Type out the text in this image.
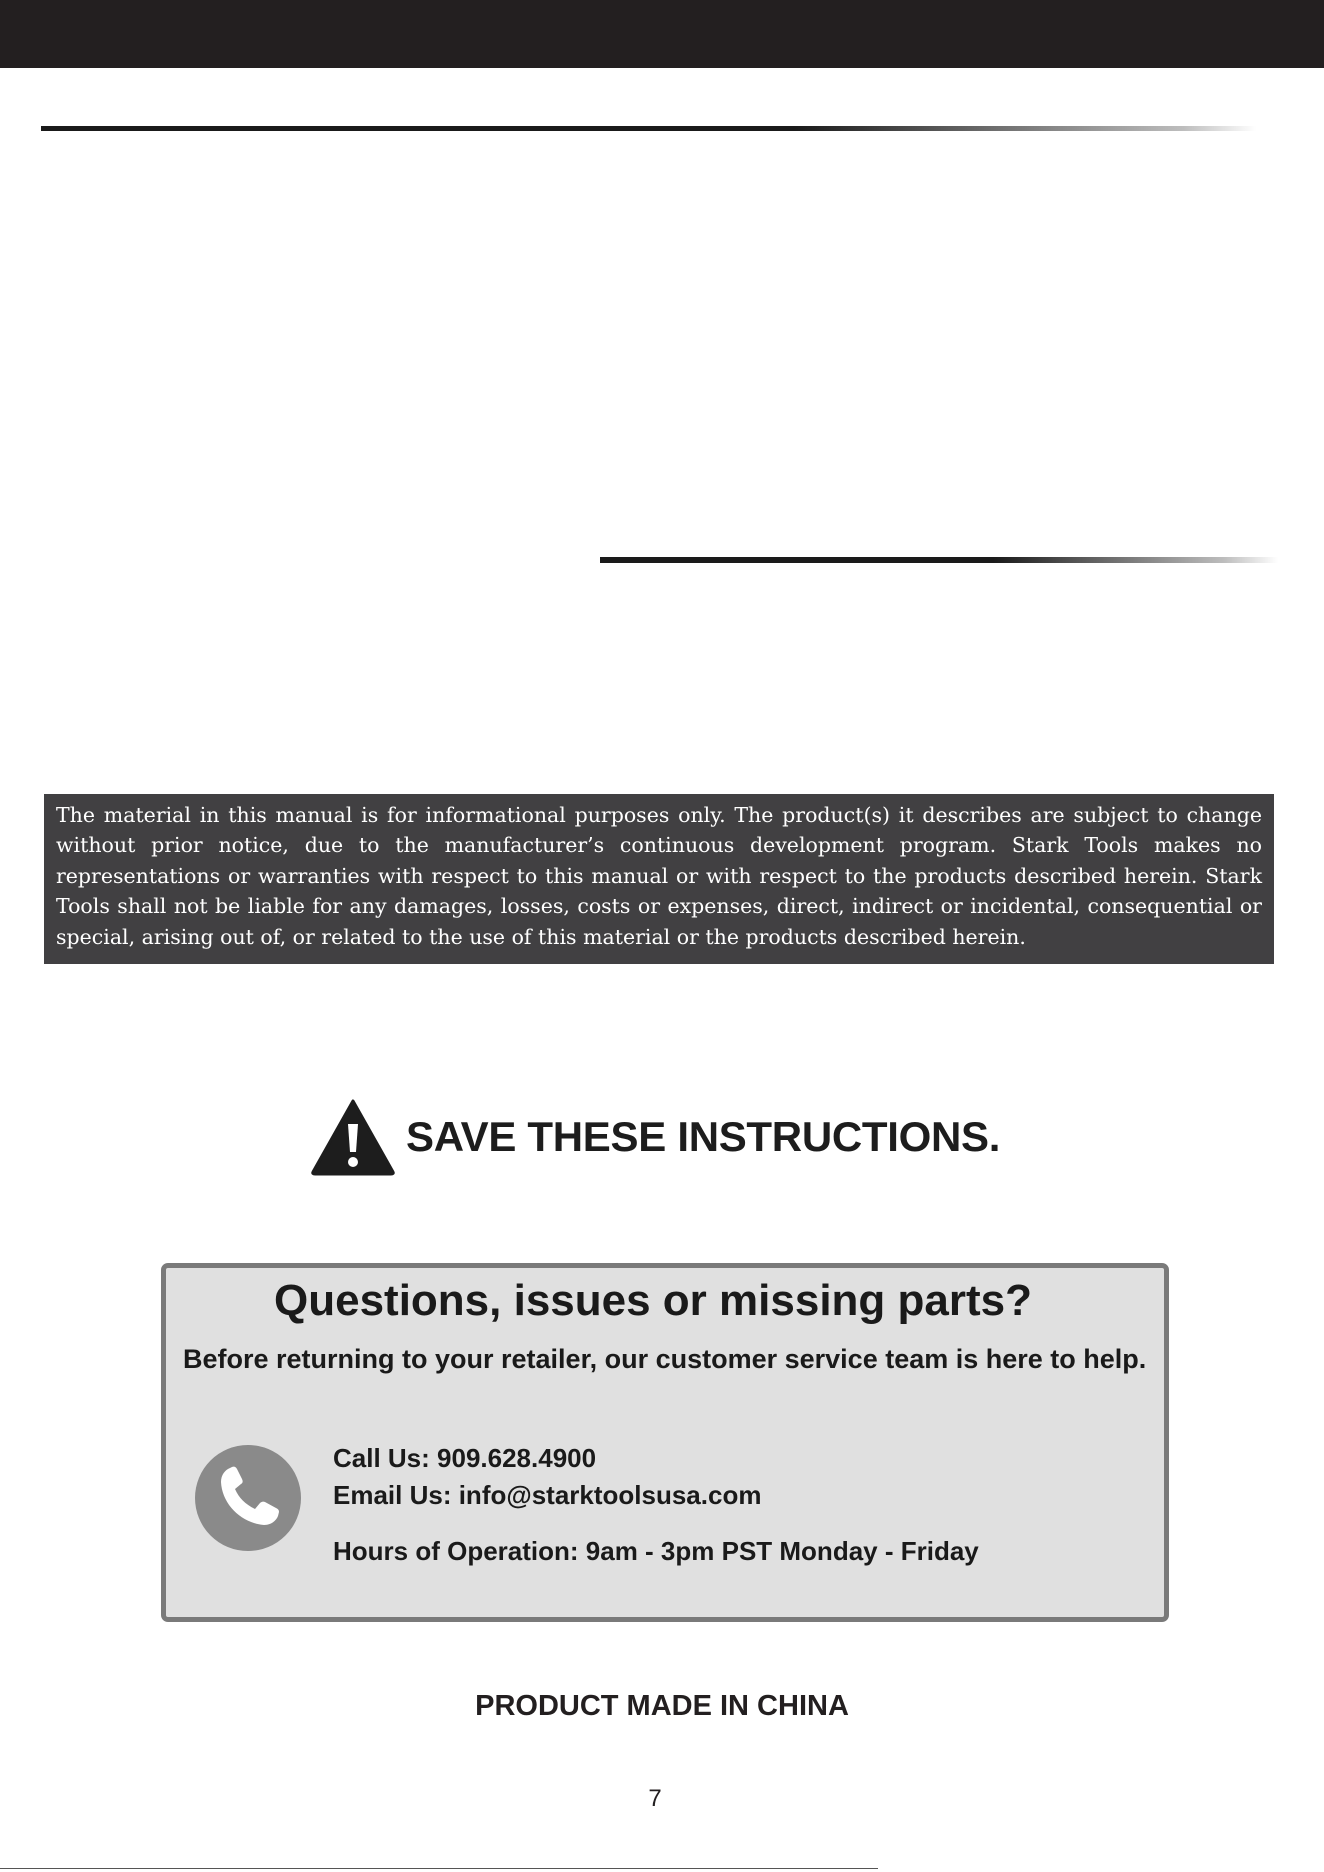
The material in this manual is for informational purposes only. The product(s) it describes are subject to change without prior notice, due to the manufacturer’s continuous development program. Stark Tools makes no representations or warranties with respect to this manual or with respect to the products described herein. Stark Tools shall not be liable for any damages, losses, costs or expenses, direct, indirect or incidental, consequential or special, arising out of, or related to the use of this material or the products described herein.
SAVE THESE INSTRUCTIONS.
Questions, issues or missing parts?
Before returning to your retailer, our customer service team is here to help.
Call Us: 909.628.4900
Email Us: info@starktoolsusa.com
Hours of Operation: 9am - 3pm PST Monday - Friday
PRODUCT MADE IN CHINA
7
